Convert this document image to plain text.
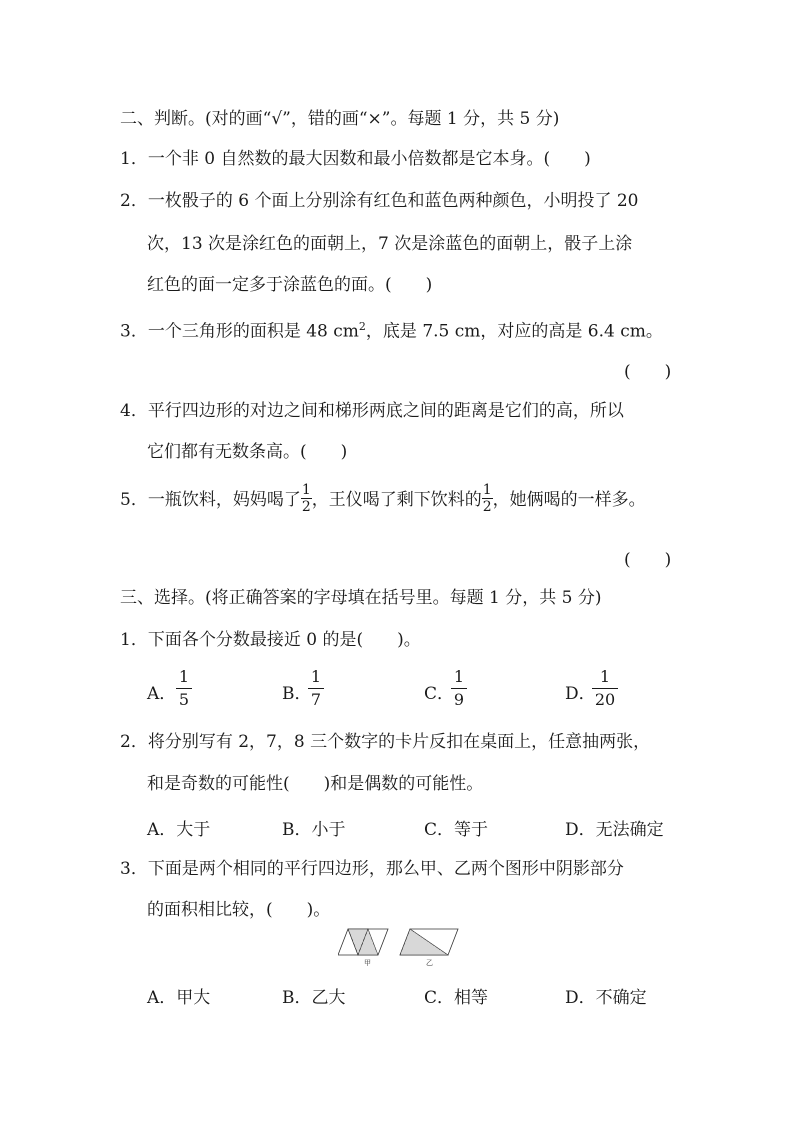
二、判断。(对的画“√”，错的画“×”。每题 1 分，共 5 分)
1．一个非 0 自然数的最大因数和最小倍数都是它本身。(　　)
2．一枚骰子的 6 个面上分别涂有红色和蓝色两种颜色，小明投了 20
次，13 次是涂红色的面朝上，7 次是涂蓝色的面朝上，骰子上涂
红色的面一定多于涂蓝色的面。(　　)
3．一个三角形的面积是 48 $cm^2$，底是 7.5 cm，对应的高是 6.4 cm。
(　　)
4．平行四边形的对边之间和梯形两底之间的距离是它们的高，所以
它们都有无数条高。(　　)
5．一瓶饮料，妈妈喝了 $\frac{1}{2}$ ，王仪喝了剩下饮料的 $\frac{1}{2}$ ，她俩喝的一样多。
(　　)
三、选择。(将正确答案的字母填在括号里。每题 1 分，共 5 分)
1．下面各个分数最接近 0 的是(　　)。
A． $\frac{1}{5}$	B．
$\frac{1}{7}$	C．
$\frac{1}{9}$	D．
$\frac{1}{20}$
2．将分别写有 2，7，8 三个数字的卡片反扣在桌面上，任意抽两张，
和是奇数的可能性(　　)和是偶数的可能性。
A．大于	B．小于	C．等于	D．无法确定
3．下面是两个相同的平行四边形，那么甲、乙两个图形中阴影部分
的面积相比较，(　　)。
甲	乙
A．甲大	B．乙大	C．相等	D．不确定
